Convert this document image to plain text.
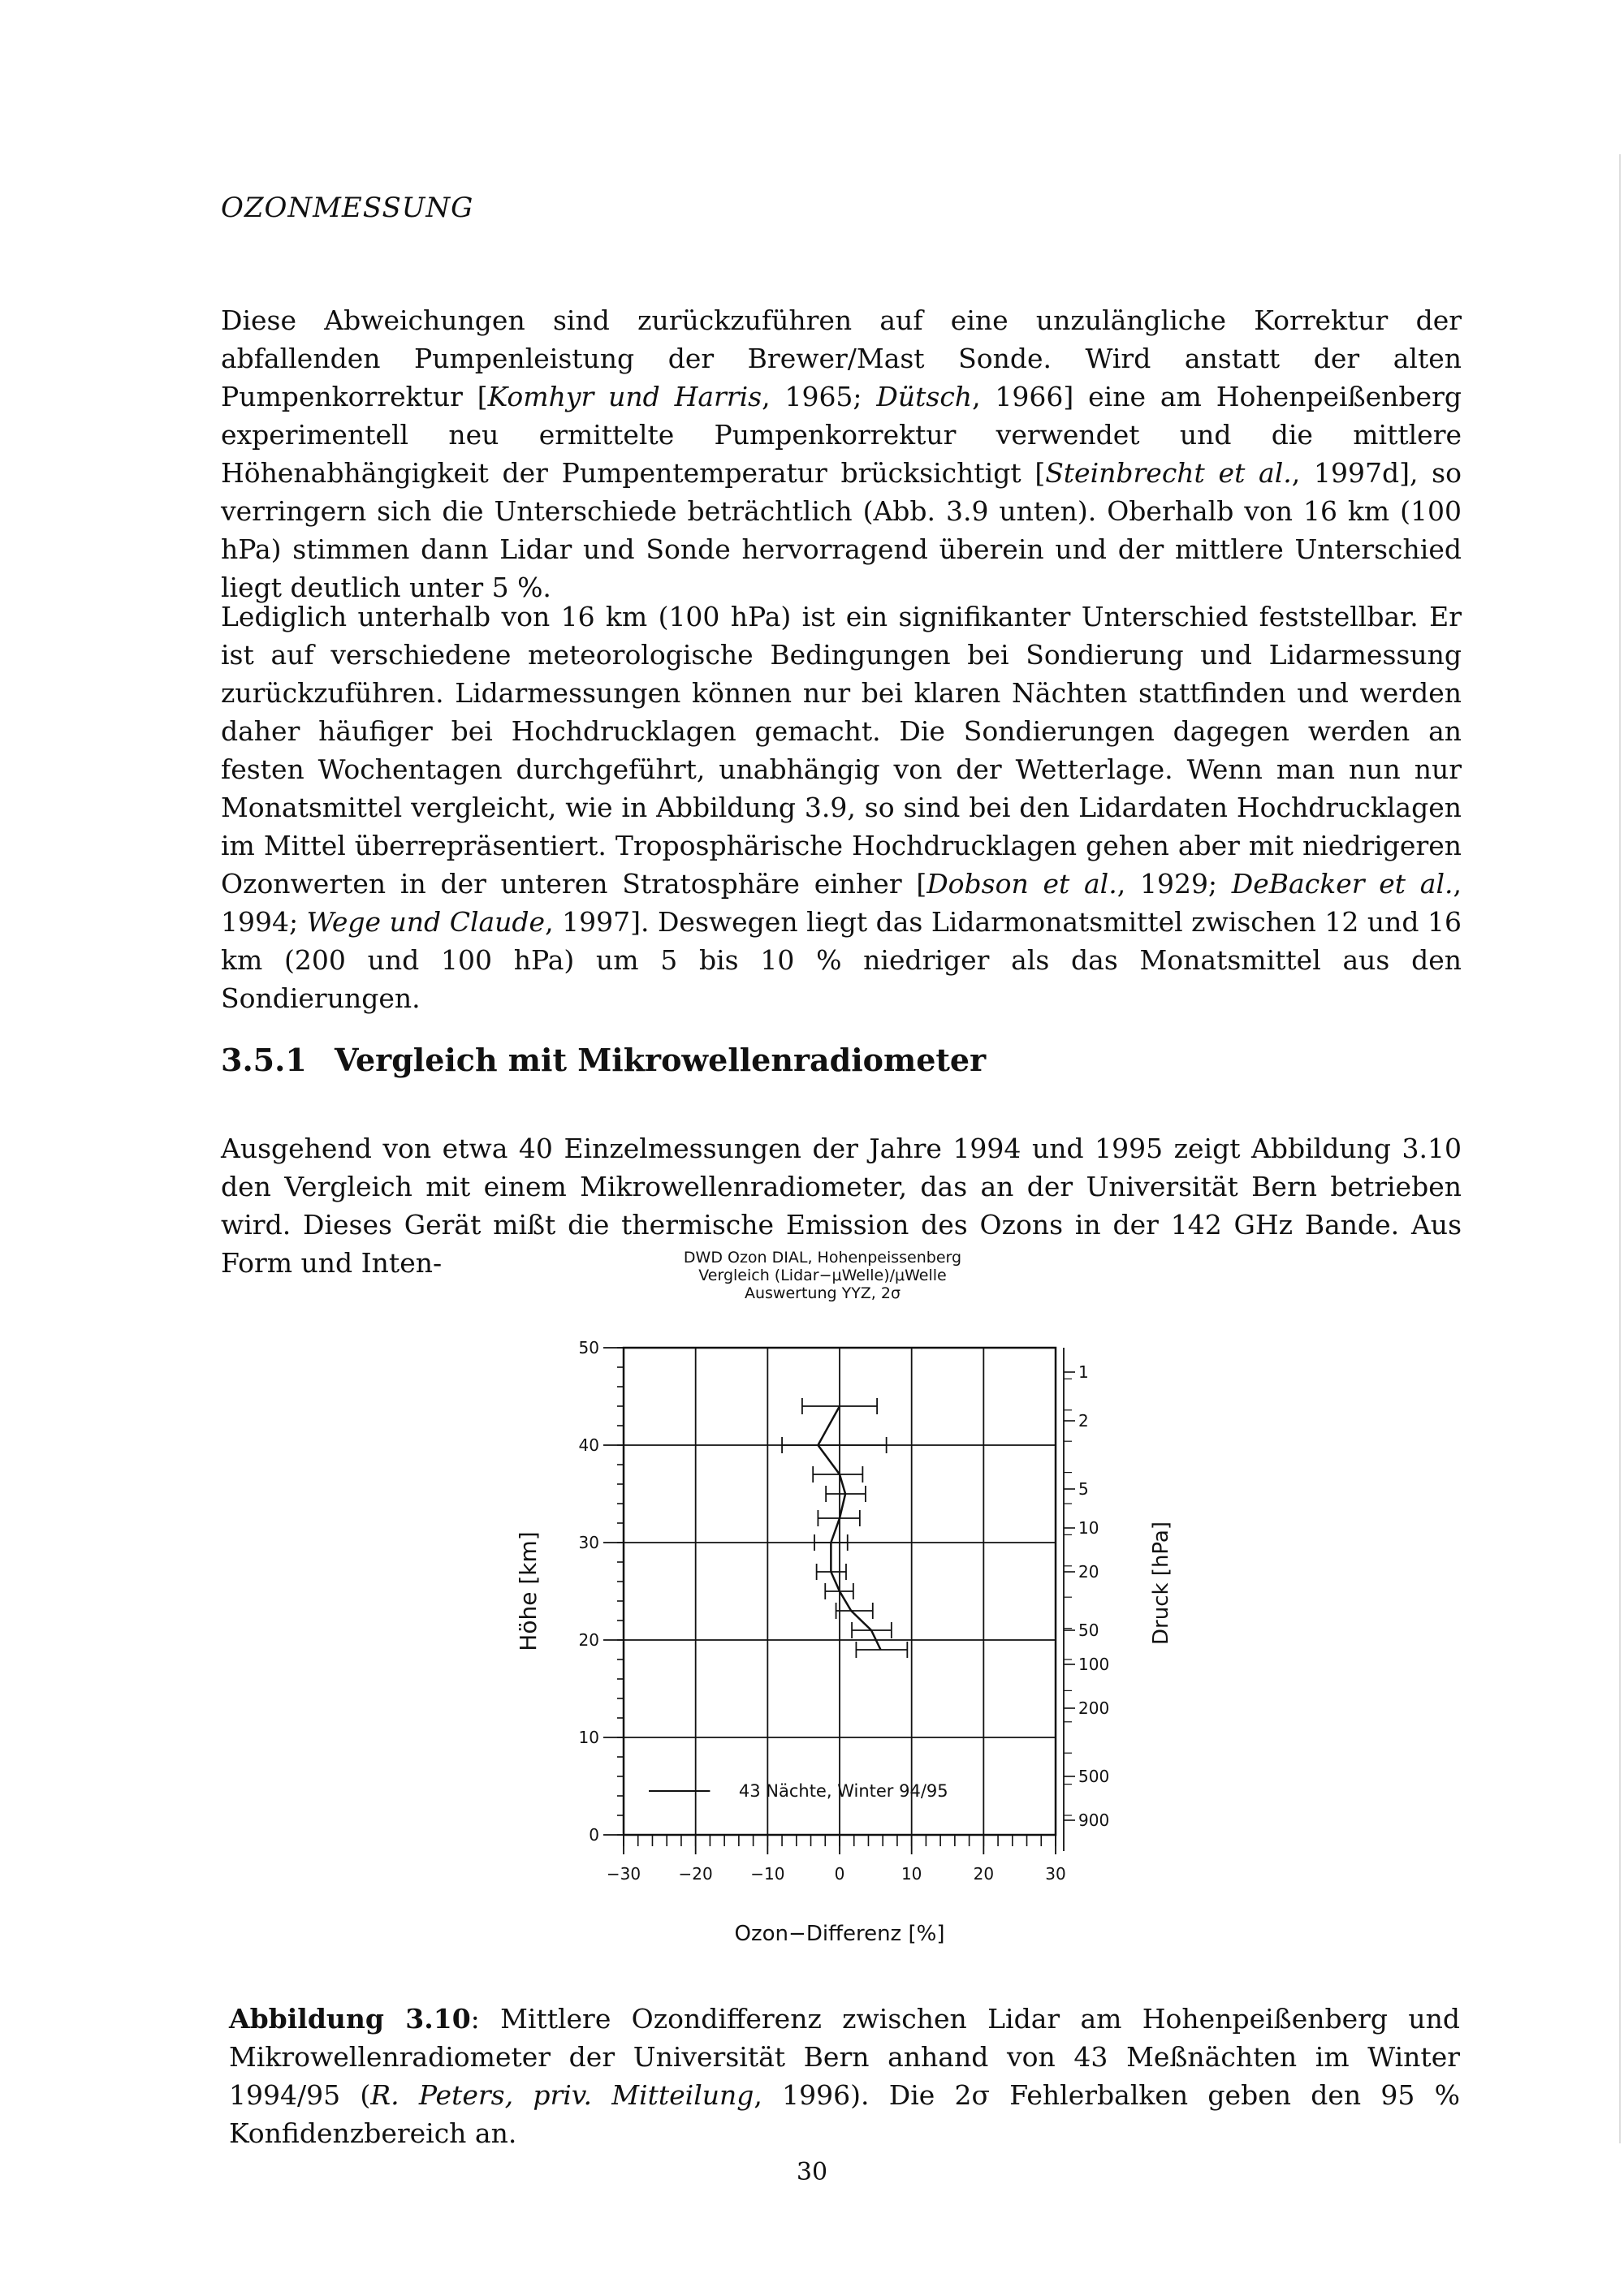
OZONMESSUNG

Diese Abweichungen sind zurückzuführen auf eine unzulängliche Korrektur der abfallenden Pumpenleistung der Brewer/Mast Sonde. Wird anstatt der alten Pumpenkorrektur [Komhyr und Harris, 1965; Dütsch, 1966] eine am Hohenpeißenberg experimentell neu ermittelte Pumpenkorrektur verwendet und die mittlere Höhenabhängigkeit der Pumpentemperatur brücksichtigt [Steinbrecht et al., 1997d], so verringern sich die Unterschiede beträchtlich (Abb. 3.9 unten). Oberhalb von 16 km (100 hPa) stimmen dann Lidar und Sonde hervorragend überein und der mittlere Unterschied liegt deutlich unter 5 %.

Lediglich unterhalb von 16 km (100 hPa) ist ein signifikanter Unterschied feststellbar. Er ist auf verschiedene meteorologische Bedingungen bei Sondierung und Lidarmessung zurückzuführen. Lidarmessungen können nur bei klaren Nächten stattfinden und werden daher häufiger bei Hochdrucklagen gemacht. Die Sondierungen dagegen werden an festen Wochentagen durchgeführt, unabhängig von der Wetterlage. Wenn man nun nur Monatsmittel vergleicht, wie in Abbildung 3.9, so sind bei den Lidardaten Hochdrucklagen im Mittel überrepräsentiert. Troposphärische Hochdrucklagen gehen aber mit niedrigeren Ozonwerten in der unteren Stratosphäre einher [Dobson et al., 1929; DeBacker et al., 1994; Wege und Claude, 1997]. Deswegen liegt das Lidarmonatsmittel zwischen 12 und 16 km (200 und 100 hPa) um 5 bis 10 % niedriger als das Monatsmittel aus den Sondierungen.

3.5.1 Vergleich mit Mikrowellenradiometer

Ausgehend von etwa 40 Einzelmessungen der Jahre 1994 und 1995 zeigt Abbildung 3.10 den Vergleich mit einem Mikrowellenradiometer, das an der Universität Bern betrieben wird. Dieses Gerät mißt die thermische Emission des Ozons in der 142 GHz Bande. Aus Form und Inten-	DWD Ozon DIAL, Hohenpeissenberg
Vergleich (Lidar−μWelle)/μWelle
Auswertung YYZ, 2σ
0
10
20
30
40
50
−30 −20 −10	0	10	20	30
1
2
5
10
20
50
100
200
500
900
Höhe [km]	Druck [hPa]
Ozon−Differenz [%]
43 Nächte, Winter 94/95

Abbildung 3.10: Mittlere Ozondifferenz zwischen Lidar am Hohenpeißenberg und Mikrowellenradiometer der Universität Bern anhand von 43 Meßnächten im Winter 1994/95 (R. Peters, priv. Mitteilung, 1996). Die 2σ Fehlerbalken geben den 95 % Konfidenzbereich an.

30
